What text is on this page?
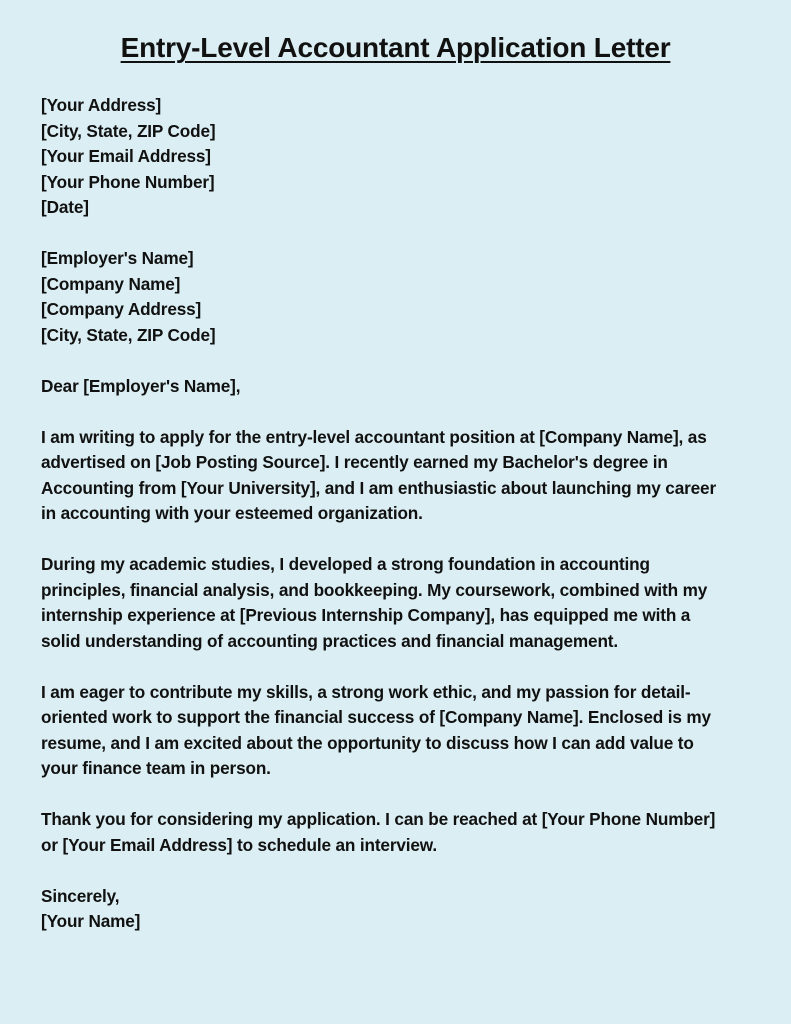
Entry-Level Accountant Application Letter
[Your Address]
[City, State, ZIP Code]
[Your Email Address]
[Your Phone Number]
[Date]
[Employer's Name]
[Company Name]
[Company Address]
[City, State, ZIP Code]
Dear [Employer's Name],
I am writing to apply for the entry-level accountant position at [Company Name], as
advertised on [Job Posting Source]. I recently earned my Bachelor's degree in
Accounting from [Your University], and I am enthusiastic about launching my career
in accounting with your esteemed organization.
During my academic studies, I developed a strong foundation in accounting
principles, financial analysis, and bookkeeping. My coursework, combined with my
internship experience at [Previous Internship Company], has equipped me with a
solid understanding of accounting practices and financial management.
I am eager to contribute my skills, a strong work ethic, and my passion for detail-
oriented work to support the financial success of [Company Name]. Enclosed is my
resume, and I am excited about the opportunity to discuss how I can add value to
your finance team in person.
Thank you for considering my application. I can be reached at [Your Phone Number]
or [Your Email Address] to schedule an interview.
Sincerely,
[Your Name]
